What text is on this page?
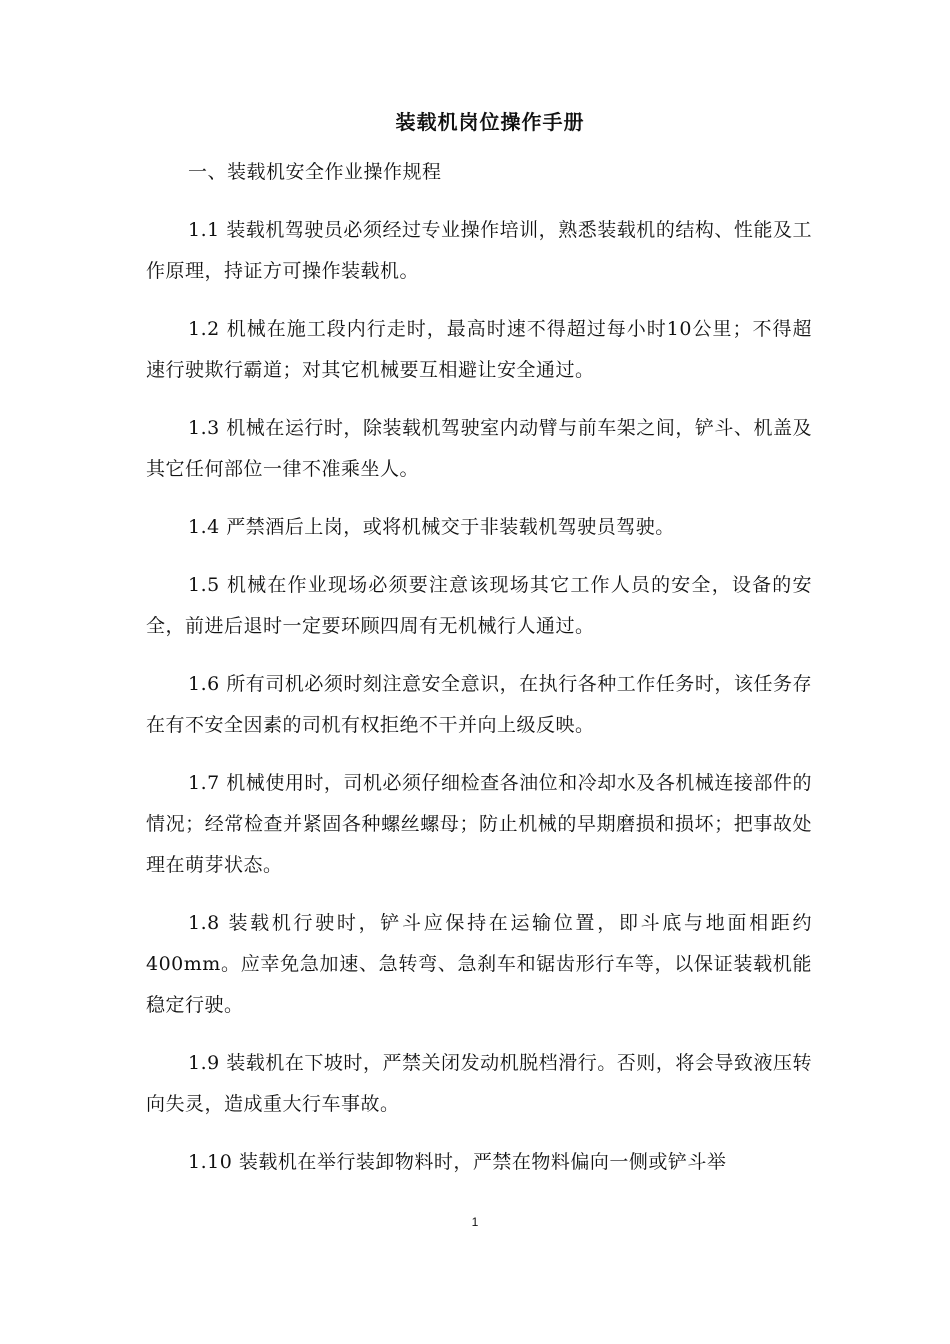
装载机岗位操作手册

一、装载机安全作业操作规程

1.1 装载机驾驶员必须经过专业操作培训，熟悉装载机的结构、性能及工作原理，持证方可操作装载机。

1.2 机械在施工段内行走时，最高时速不得超过每小时10公里；不得超速行驶欺行霸道；对其它机械要互相避让安全通过。

1.3 机械在运行时，除装载机驾驶室内动臂与前车架之间，铲斗、机盖及其它任何部位一律不准乘坐人。

1.4 严禁酒后上岗，或将机械交于非装载机驾驶员驾驶。

1.5 机械在作业现场必须要注意该现场其它工作人员的安全，设备的安全，前进后退时一定要环顾四周有无机械行人通过。

1.6 所有司机必须时刻注意安全意识，在执行各种工作任务时，该任务存在有不安全因素的司机有权拒绝不干并向上级反映。

1.7 机械使用时，司机必须仔细检查各油位和冷却水及各机械连接部件的情况；经常检查并紧固各种螺丝螺母；防止机械的早期磨损和损坏；把事故处理在萌芽状态。

1.8 装载机行驶时，铲斗应保持在运输位置，即斗底与地面相距约400mm。应幸免急加速、急转弯、急刹车和锯齿形行车等，以保证装载机能稳定行驶。

1.9 装载机在下坡时，严禁关闭发动机脱档滑行。否则，将会导致液压转向失灵，造成重大行车事故。

1.10 装载机在举行装卸物料时，严禁在物料偏向一侧或铲斗举

1
